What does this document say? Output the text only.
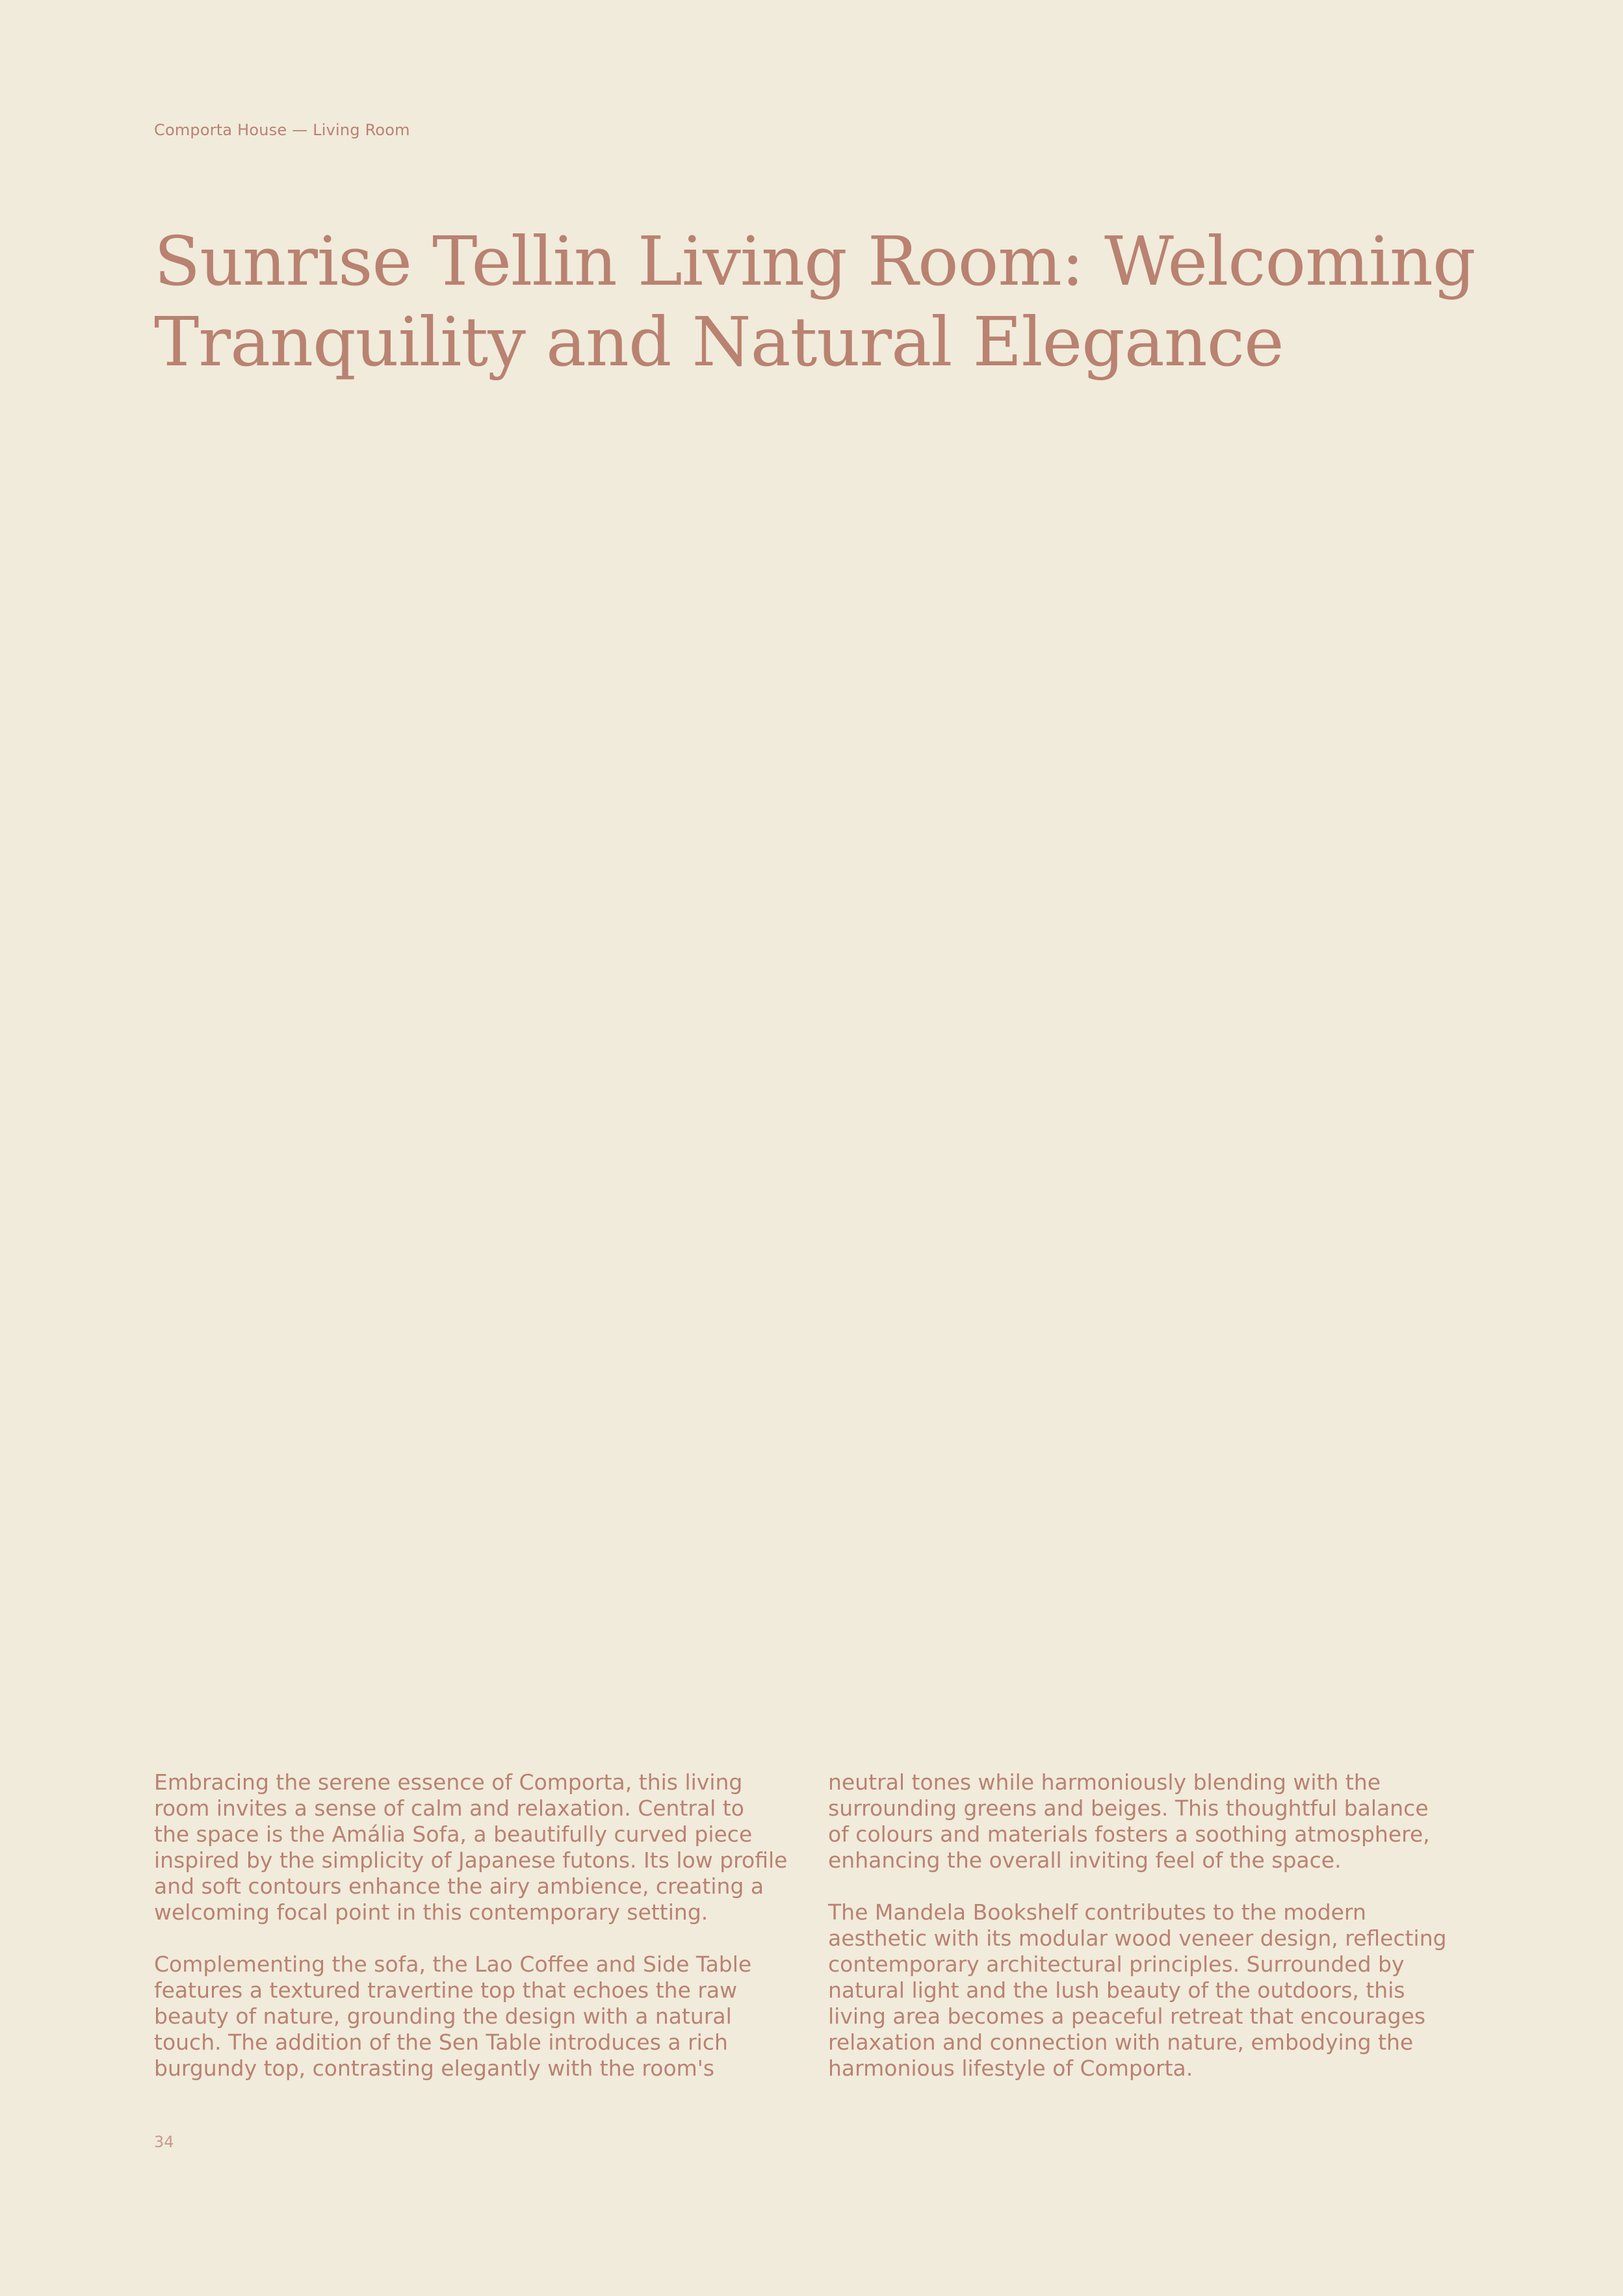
Comporta House — Living Room
Sunrise Tellin Living Room: Welcoming
Tranquility and Natural Elegance

Embracing the serene essence of Comporta, this living
room invites a sense of calm and relaxation. Central to
the space is the Amália Sofa, a beautifully curved piece
inspired by the simplicity of Japanese futons. Its low profile
and soft contours enhance the airy ambience, creating a
welcoming focal point in this contemporary setting.

Complementing the sofa, the Lao Coffee and Side Table
features a textured travertine top that echoes the raw
beauty of nature, grounding the design with a natural
touch. The addition of the Sen Table introduces a rich
burgundy top, contrasting elegantly with the room's

neutral tones while harmoniously blending with the
surrounding greens and beiges. This thoughtful balance
of colours and materials fosters a soothing atmosphere,
enhancing the overall inviting feel of the space.

The Mandela Bookshelf contributes to the modern
aesthetic with its modular wood veneer design, reflecting
contemporary architectural principles. Surrounded by
natural light and the lush beauty of the outdoors, this
living area becomes a peaceful retreat that encourages
relaxation and connection with nature, embodying the
harmonious lifestyle of Comporta.

34
